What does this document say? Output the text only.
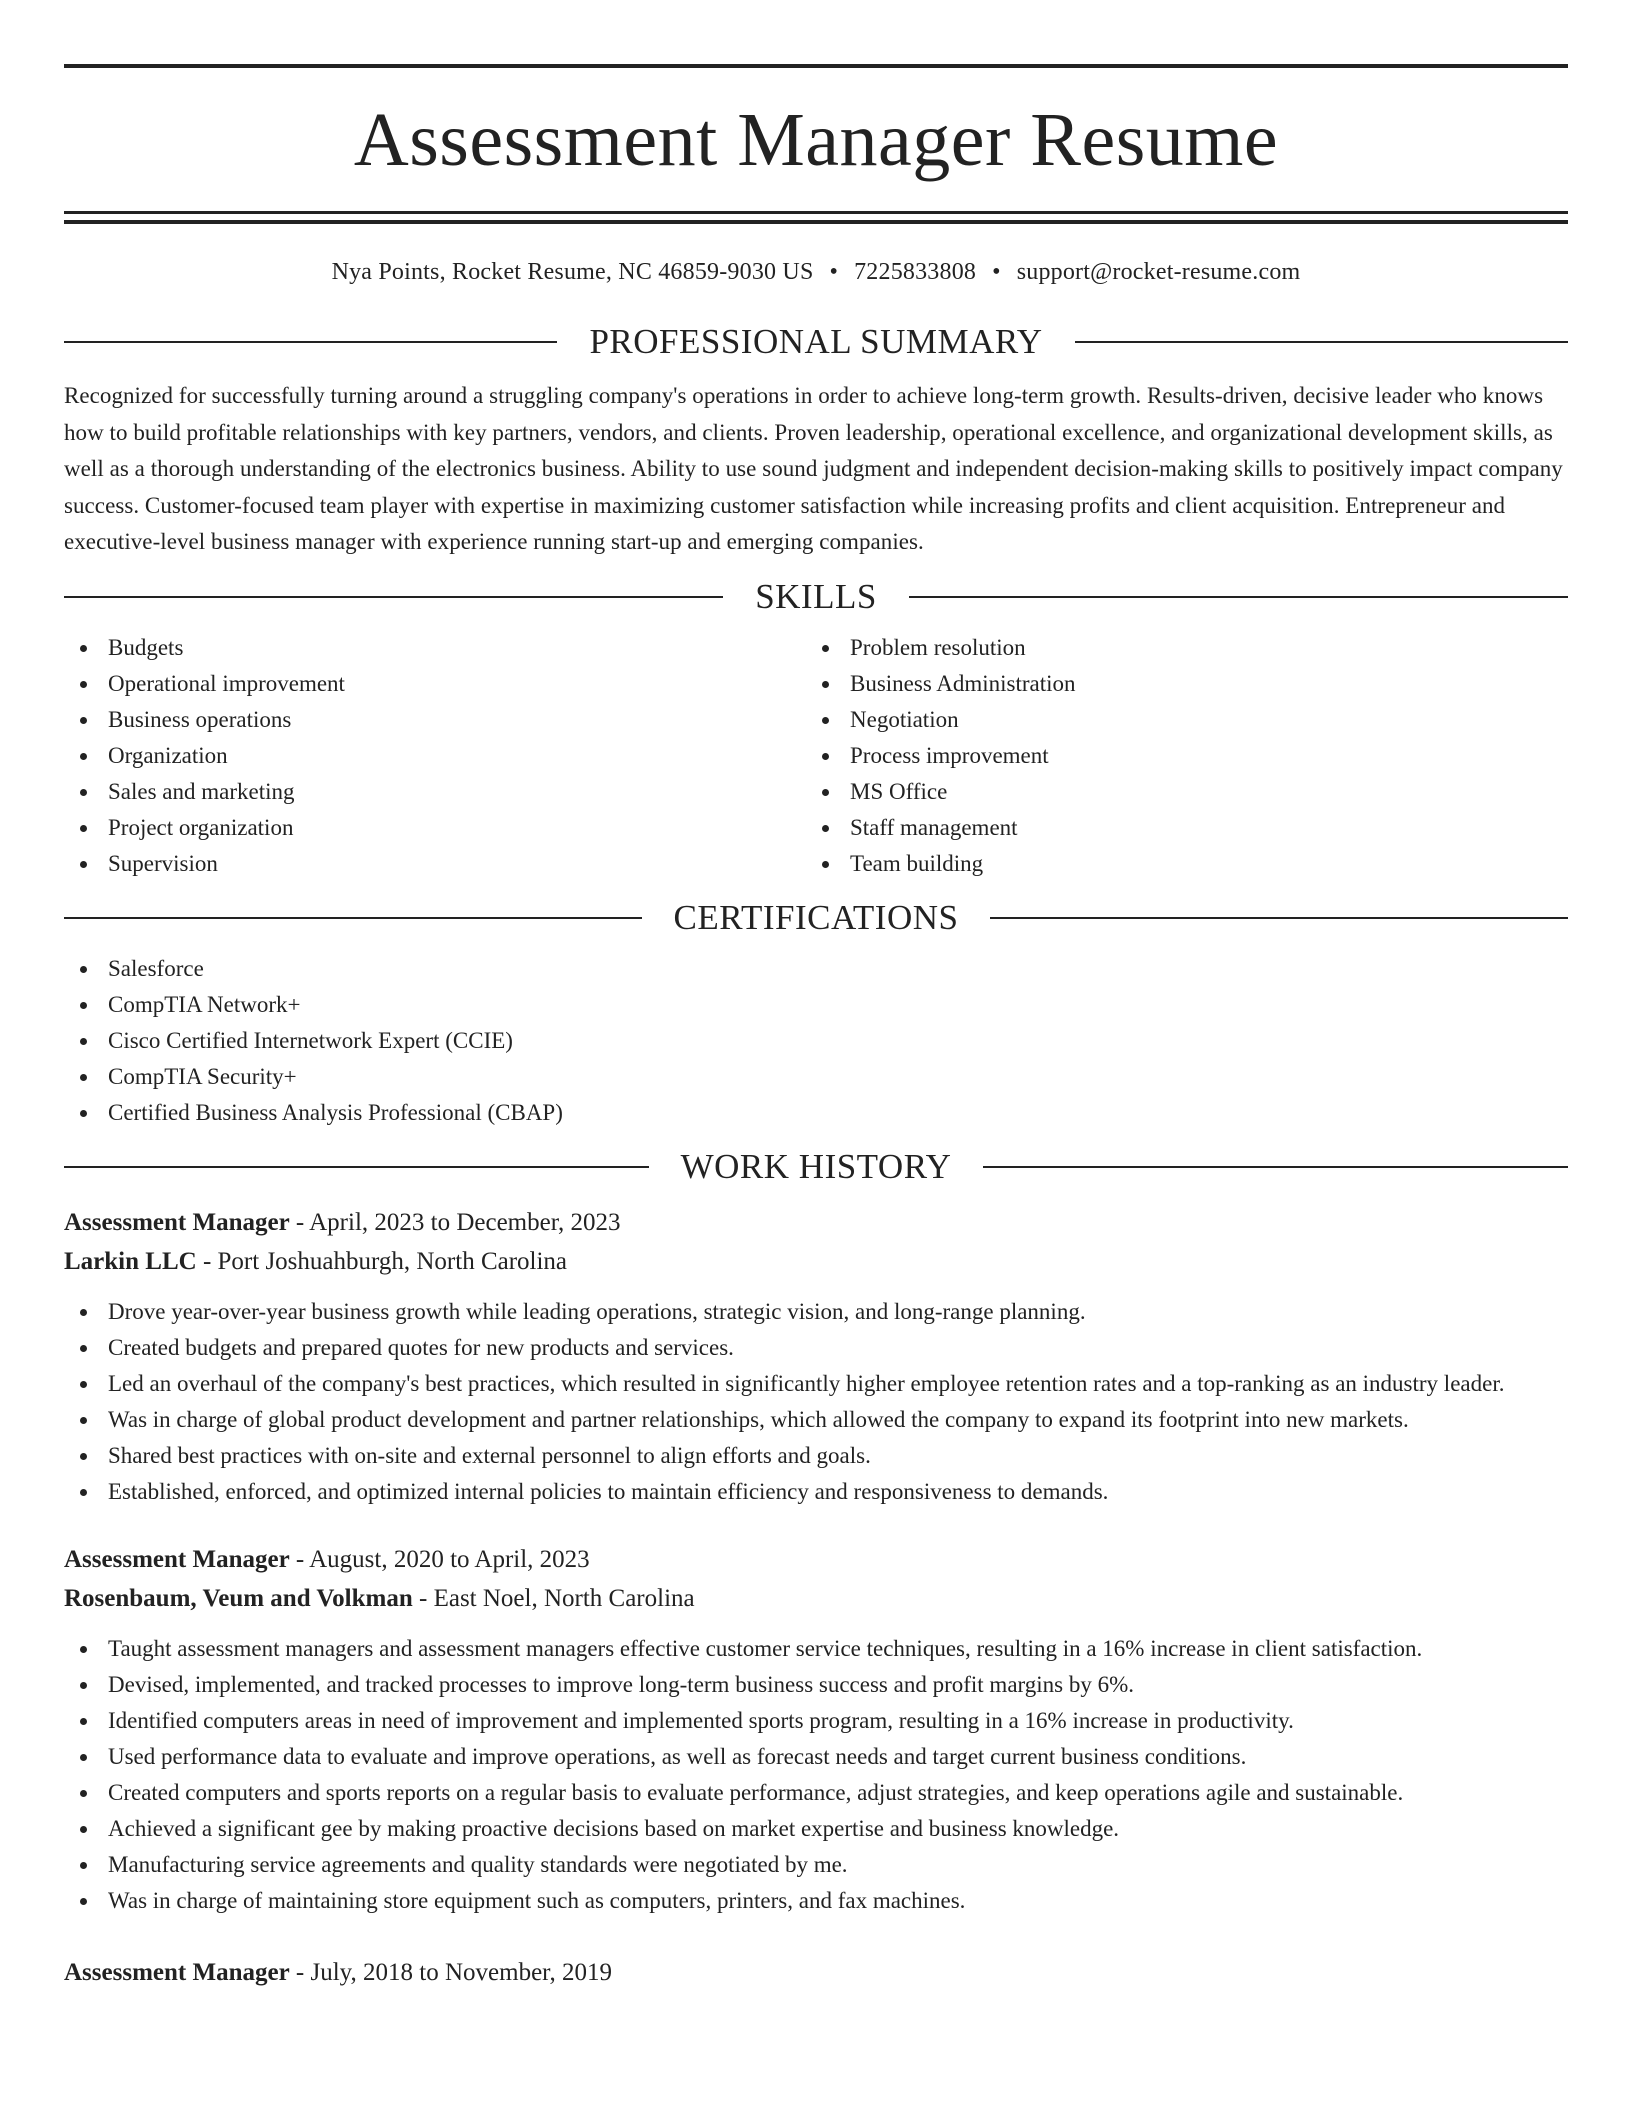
Assessment Manager Resume
Nya Points, Rocket Resume, NC 46859-9030 US • 7225833808 • support@rocket-resume.com
PROFESSIONAL SUMMARY

Recognized for successfully turning around a struggling company's operations in order to achieve long-term growth. Results-driven, decisive leader who knows how to build profitable relationships with key partners, vendors, and clients. Proven leadership, operational excellence, and organizational development skills, as well as a thorough understanding of the electronics business. Ability to use sound judgment and independent decision-making skills to positively impact company success. Customer-focused team player with expertise in maximizing customer satisfaction while increasing profits and client acquisition. Entrepreneur and executive-level business manager with experience running start-up and emerging companies.

SKILLS
Budgets
Operational improvement
Business operations
Organization
Sales and marketing
Project organization
Supervision
Problem resolution
Business Administration
Negotiation
Process improvement
MS Office
Staff management
Team building
CERTIFICATIONS
Salesforce
CompTIA Network+
Cisco Certified Internetwork Expert (CCIE)
CompTIA Security+
Certified Business Analysis Professional (CBAP)
WORK HISTORY
Assessment Manager - April, 2023 to December, 2023
Larkin LLC - Port Joshuahburgh, North Carolina
Drove year-over-year business growth while leading operations, strategic vision, and long-range planning.
Created budgets and prepared quotes for new products and services.
Led an overhaul of the company's best practices, which resulted in significantly higher employee retention rates and a top-ranking as an industry leader.
Was in charge of global product development and partner relationships, which allowed the company to expand its footprint into new markets.
Shared best practices with on-site and external personnel to align efforts and goals.
Established, enforced, and optimized internal policies to maintain efficiency and responsiveness to demands.
Assessment Manager - August, 2020 to April, 2023
Rosenbaum, Veum and Volkman - East Noel, North Carolina
Taught assessment managers and assessment managers effective customer service techniques, resulting in a 16% increase in client satisfaction.
Devised, implemented, and tracked processes to improve long-term business success and profit margins by 6%.
Identified computers areas in need of improvement and implemented sports program, resulting in a 16% increase in productivity.
Used performance data to evaluate and improve operations, as well as forecast needs and target current business conditions.
Created computers and sports reports on a regular basis to evaluate performance, adjust strategies, and keep operations agile and sustainable.
Achieved a significant gee by making proactive decisions based on market expertise and business knowledge.
Manufacturing service agreements and quality standards were negotiated by me.
Was in charge of maintaining store equipment such as computers, printers, and fax machines.
Assessment Manager - July, 2018 to November, 2019
